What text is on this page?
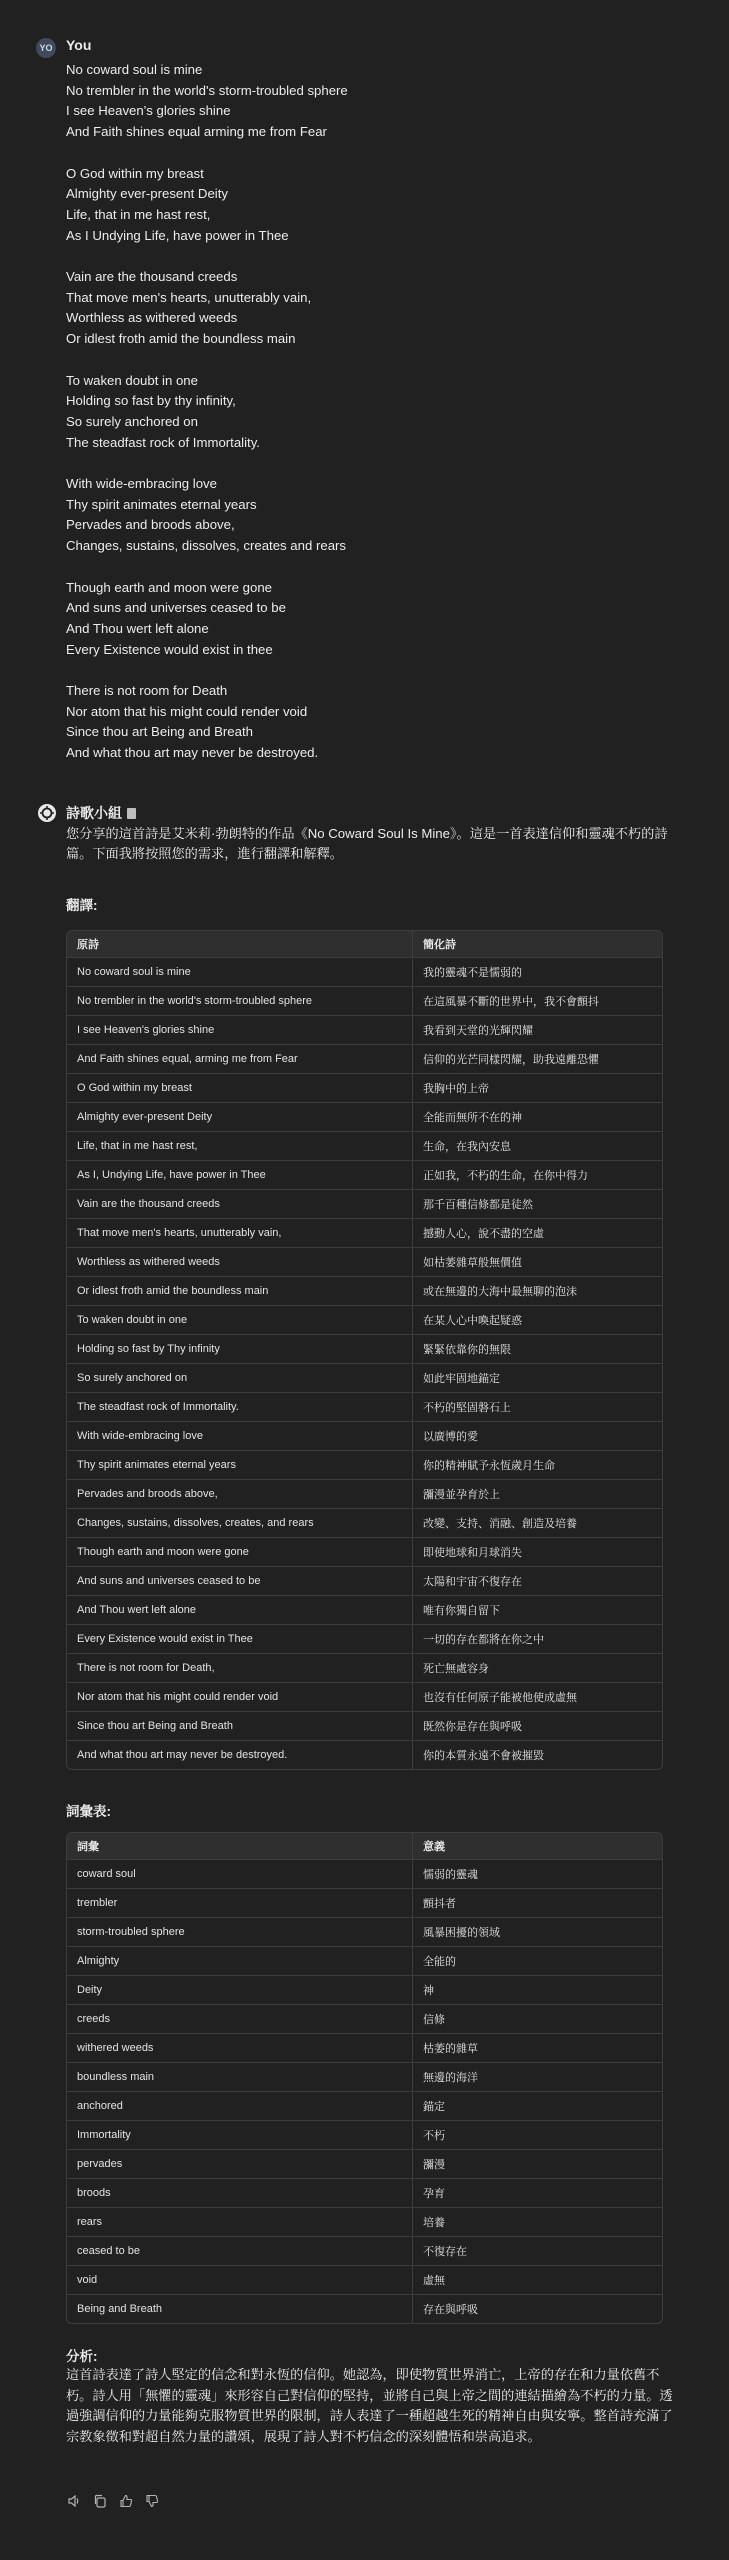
YO You
No coward soul is mine
No trembler in the world's storm-troubled sphere
I see Heaven's glories shine
And Faith shines equal arming me from Fear
O God within my breast
Almighty ever-present Deity
Life, that in me hast rest,
As I Undying Life, have power in Thee
Vain are the thousand creeds
That move men's hearts, unutterably vain,
Worthless as withered weeds
Or idlest froth amid the boundless main
To waken doubt in one
Holding so fast by thy infinity,
So surely anchored on
The steadfast rock of Immortality.
With wide-embracing love
Thy spirit animates eternal years
Pervades and broods above,
Changes, sustains, dissolves, creates and rears
Though earth and moon were gone
And suns and universes ceased to be
And Thou wert left alone
Every Existence would exist in thee
There is not room for Death
Nor atom that his might could render void
Since thou art Being and Breath
And what thou art may never be destroyed.
詩歌小組
您分享的這首詩是艾米莉·勃朗特的作品《No Coward Soul Is Mine》。這是一首表達信仰和靈魂不朽的詩篇。下面我將按照您的需求，進行翻譯和解釋。
翻譯:
原詩	簡化詩
No coward soul is mine	我的靈魂不是懦弱的
No trembler in the world's storm-troubled sphere	在這風暴不斷的世界中，我不會顫抖
I see Heaven's glories shine	我看到天堂的光輝閃耀
And Faith shines equal, arming me from Fear	信仰的光芒同樣閃耀，助我遠離恐懼
O God within my breast	我胸中的上帝
Almighty ever-present Deity	全能而無所不在的神
Life, that in me hast rest,	生命，在我內安息
As I, Undying Life, have power in Thee	正如我，不朽的生命，在你中得力
Vain are the thousand creeds	那千百種信條都是徒然
That move men's hearts, unutterably vain,	撼動人心，說不盡的空虛
Worthless as withered weeds	如枯萎雜草般無價值
Or idlest froth amid the boundless main	或在無邊的大海中最無聊的泡沫
To waken doubt in one	在某人心中喚起疑惑
Holding so fast by Thy infinity	緊緊依靠你的無限
So surely anchored on	如此牢固地錨定
The steadfast rock of Immortality.	不朽的堅固磐石上
With wide-embracing love	以廣博的愛
Thy spirit animates eternal years	你的精神賦予永恆歲月生命
Pervades and broods above,	瀰漫並孕育於上
Changes, sustains, dissolves, creates, and rears	改變、支持、消融、創造及培養
Though earth and moon were gone	即使地球和月球消失
And suns and universes ceased to be	太陽和宇宙不復存在
And Thou wert left alone	唯有你獨自留下
Every Existence would exist in Thee	一切的存在都將在你之中
There is not room for Death,	死亡無處容身
Nor atom that his might could render void	也沒有任何原子能被他使成虛無
Since thou art Being and Breath	既然你是存在與呼吸
And what thou art may never be destroyed.	你的本質永遠不會被摧毀
詞彙表:
詞彙	意義
coward soul	懦弱的靈魂
trembler	顫抖者
storm-troubled sphere	風暴困擾的領域
Almighty	全能的
Deity	神
creeds	信條
withered weeds	枯萎的雜草
boundless main	無邊的海洋
anchored	錨定
Immortality	不朽
pervades	瀰漫
broods	孕育
rears	培養
ceased to be	不復存在
void	虛無
Being and Breath	存在與呼吸
分析:
這首詩表達了詩人堅定的信念和對永恆的信仰。她認為，即使物質世界消亡，上帝的存在和力量依舊不朽。詩人用「無懼的靈魂」來形容自己對信仰的堅持，並將自己與上帝之間的連結描繪為不朽的力量。透過強調信仰的力量能夠克服物質世界的限制，詩人表達了一種超越生死的精神自由與安寧。整首詩充滿了宗教象徵和對超自然力量的讚頌，展現了詩人對不朽信念的深刻體悟和崇高追求。
